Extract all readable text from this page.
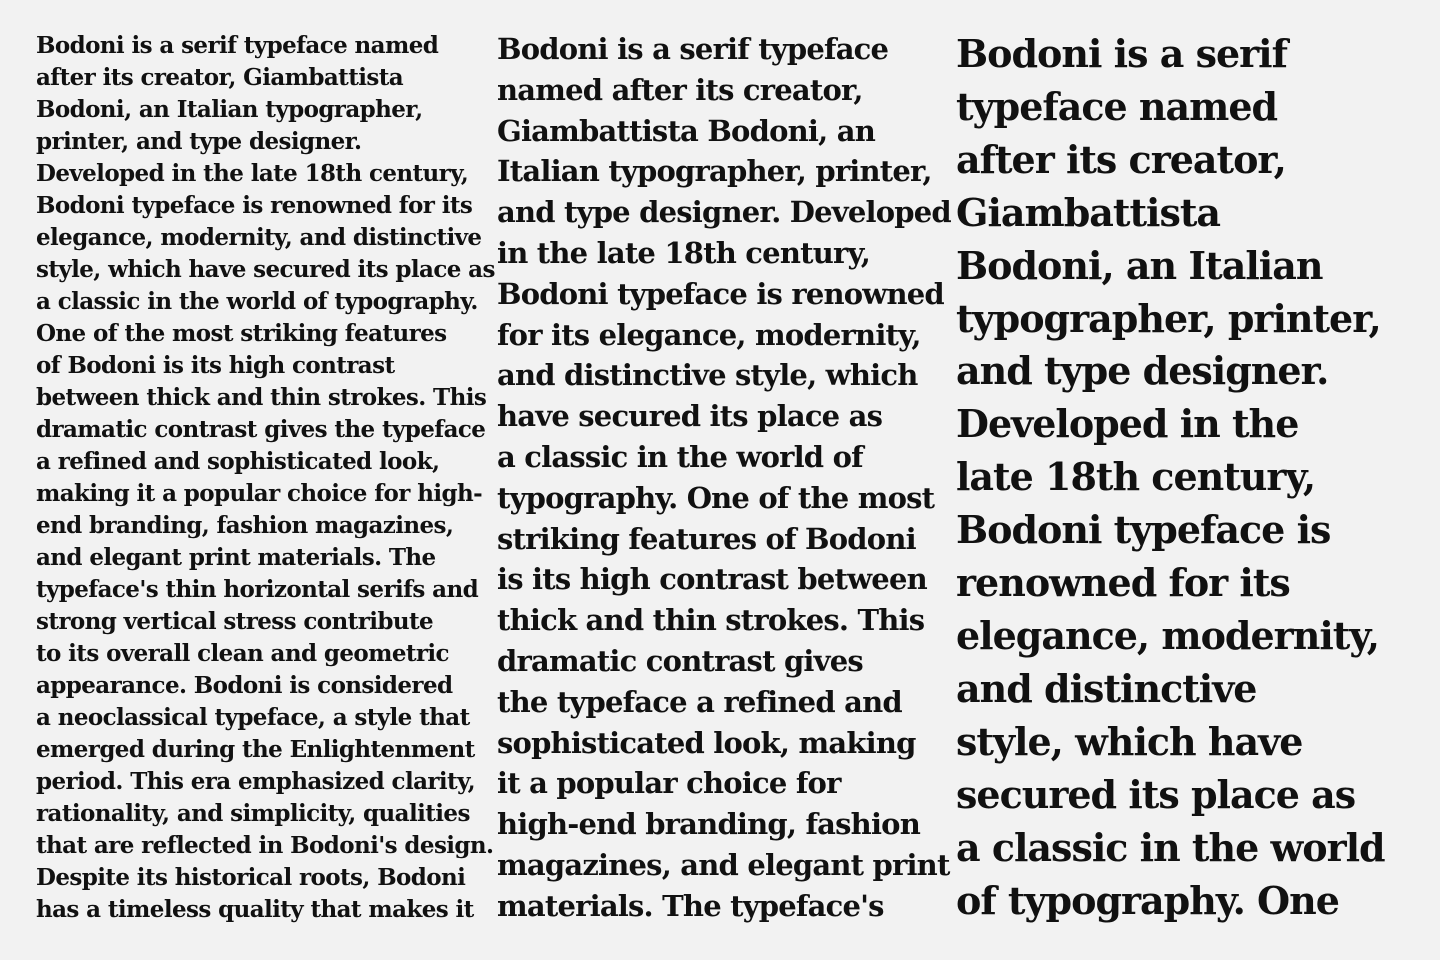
Bodoni is a serif typeface named
after its creator, Giambattista
Bodoni, an Italian typographer,
printer, and type designer.
Developed in the late 18th century,
Bodoni typeface is renowned for its
elegance, modernity, and distinctive
style, which have secured its place as
a classic in the world of typography.
One of the most striking features
of Bodoni is its high contrast
between thick and thin strokes. This
dramatic contrast gives the typeface
a refined and sophisticated look,
making it a popular choice for high-
end branding, fashion magazines,
and elegant print materials. The
typeface's thin horizontal serifs and
strong vertical stress contribute
to its overall clean and geometric
appearance. Bodoni is considered
a neoclassical typeface, a style that
emerged during the Enlightenment
period. This era emphasized clarity,
rationality, and simplicity, qualities
that are reflected in Bodoni's design.
Despite its historical roots, Bodoni
has a timeless quality that makes it
Bodoni is a serif typeface
named after its creator,
Giambattista Bodoni, an
Italian typographer, printer,
and type designer. Developed
in the late 18th century,
Bodoni typeface is renowned
for its elegance, modernity,
and distinctive style, which
have secured its place as
a classic in the world of
typography. One of the most
striking features of Bodoni
is its high contrast between
thick and thin strokes. This
dramatic contrast gives
the typeface a refined and
sophisticated look, making
it a popular choice for
high-end branding, fashion
magazines, and elegant print
materials. The typeface's
Bodoni is a serif
typeface named
after its creator,
Giambattista
Bodoni, an Italian
typographer, printer,
and type designer.
Developed in the
late 18th century,
Bodoni typeface is
renowned for its
elegance, modernity,
and distinctive
style, which have
secured its place as
a classic in the world
of typography. One
